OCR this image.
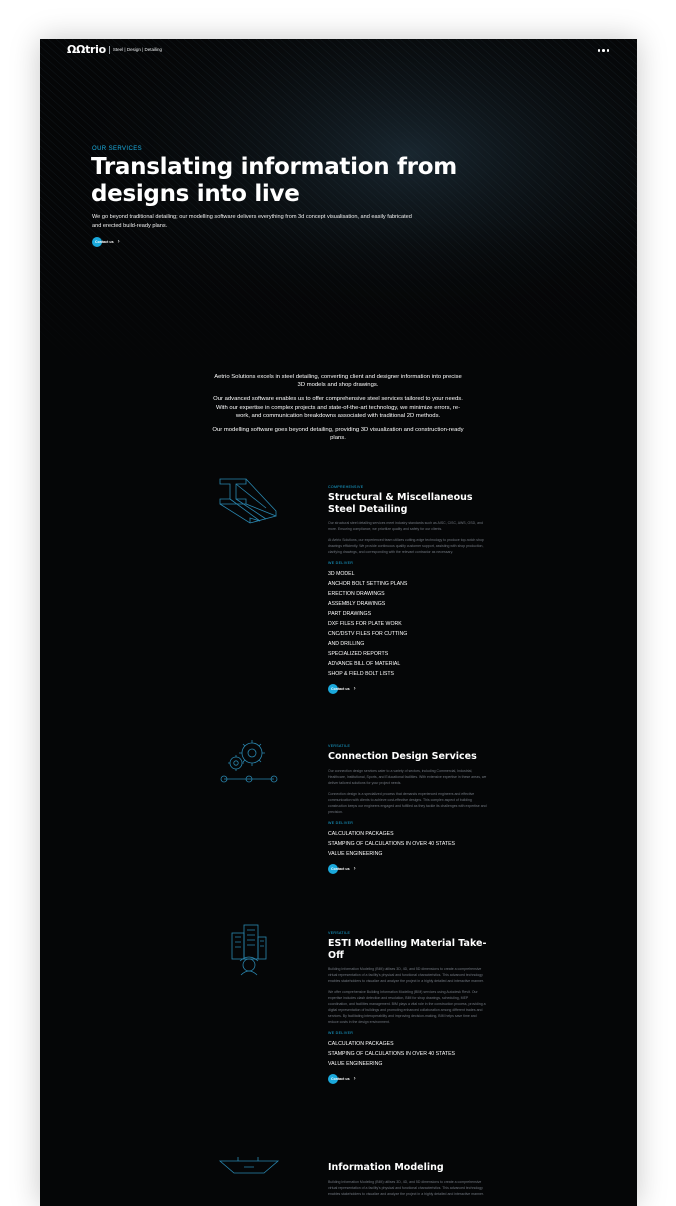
ΩΩtrio Steel | Design | Detailing
OUR SERVICES
Translating information from designs into live

We go beyond traditional detailing; our modelling software delivers everything from 3d concept visualisation, and easily fabricated and erected build-ready plans.

Contact us ›

Aetrio Solutions excels in steel detailing, converting client and designer information into precise 3D models and shop drawings.

Our advanced software enables us to offer comprehensive steel services tailored to your needs. With our expertise in complex projects and state-of-the-art technology, we minimize errors, re-work, and communication breakdowns associated with traditional 2D methods.

Our modelling software goes beyond detailing, providing 3D visualization and construction-ready plans.

COMPREHENSIVE
Structural & Miscellaneous Steel Detailing

Our structural steel detailing services meet industry standards such as AISC, CISC, AWS, OSD, and more. Ensuring compliance, we prioritize quality and safety for our clients.

At Aetrio Solutions, our experienced team utilizes cutting-edge technology to produce top-notch shop drawings efficiently. We provide continuous quality customer support, assisting with shop production, clarifying drawings, and corresponding with the relevant contractor as necessary.

WE DELIVER
3D MODEL
ANCHOR BOLT SETTING PLANS
ERECTION DRAWINGS
ASSEMBLY DRAWINGS
PART DRAWINGS
DXF FILES FOR PLATE WORK
CNC/DSTV FILES FOR CUTTING
AND DRILLING
SPECIALIZED REPORTS
ADVANCE BILL OF MATERIAL
SHOP & FIELD BOLT LISTS
Contact us ›
VERSATILE
Connection Design Services

Our connection design services cater to a variety of sectors, including Commercial, Industrial, Healthcare, Institutional, Sports, and Educational facilities. With extensive expertise in these areas, we deliver tailored solutions for your project needs.

Connection design is a specialized process that demands experienced engineers and effective communication with clients to achieve cost-effective designs. This complex aspect of building construction keeps our engineers engaged and fulfilled as they tackle its challenges with expertise and precision.

WE DELIVER
CALCULATION PACKAGES
STAMPING OF CALCULATIONS IN OVER 40 STATES
VALUE ENGINEERING
Contact us ›
VERSATILE
ESTI Modelling Material Take-Off

Building Information Modeling (BIM) utilises 3D, 4D, and 5D dimensions to create a comprehensive virtual representation of a facility's physical and functional characteristics. This advanced technology enables stakeholders to visualize and analyze the project in a highly detailed and interactive manner.

We offer comprehensive Building Information Modeling (BIM) services using Autodesk Revit. Our expertise includes clash detection and resolution, BIM for shop drawings, scheduling, MEP coordination, and facilities management. BIM plays a vital role in the construction process, providing a digital representation of buildings and promoting enhanced collaboration among different trades and services. By facilitating interoperability and improving decision-making, BIM helps save time and reduce costs in the design environment.

WE DELIVER
CALCULATION PACKAGES
STAMPING OF CALCULATIONS IN OVER 40 STATES
VALUE ENGINEERING
Contact us ›
Information Modeling

Building Information Modeling (BIM) utilises 3D, 4D, and 5D dimensions to create a comprehensive virtual representation of a facility's physical and functional characteristics. This advanced technology enables stakeholders to visualize and analyze the project in a highly detailed and interactive manner.
